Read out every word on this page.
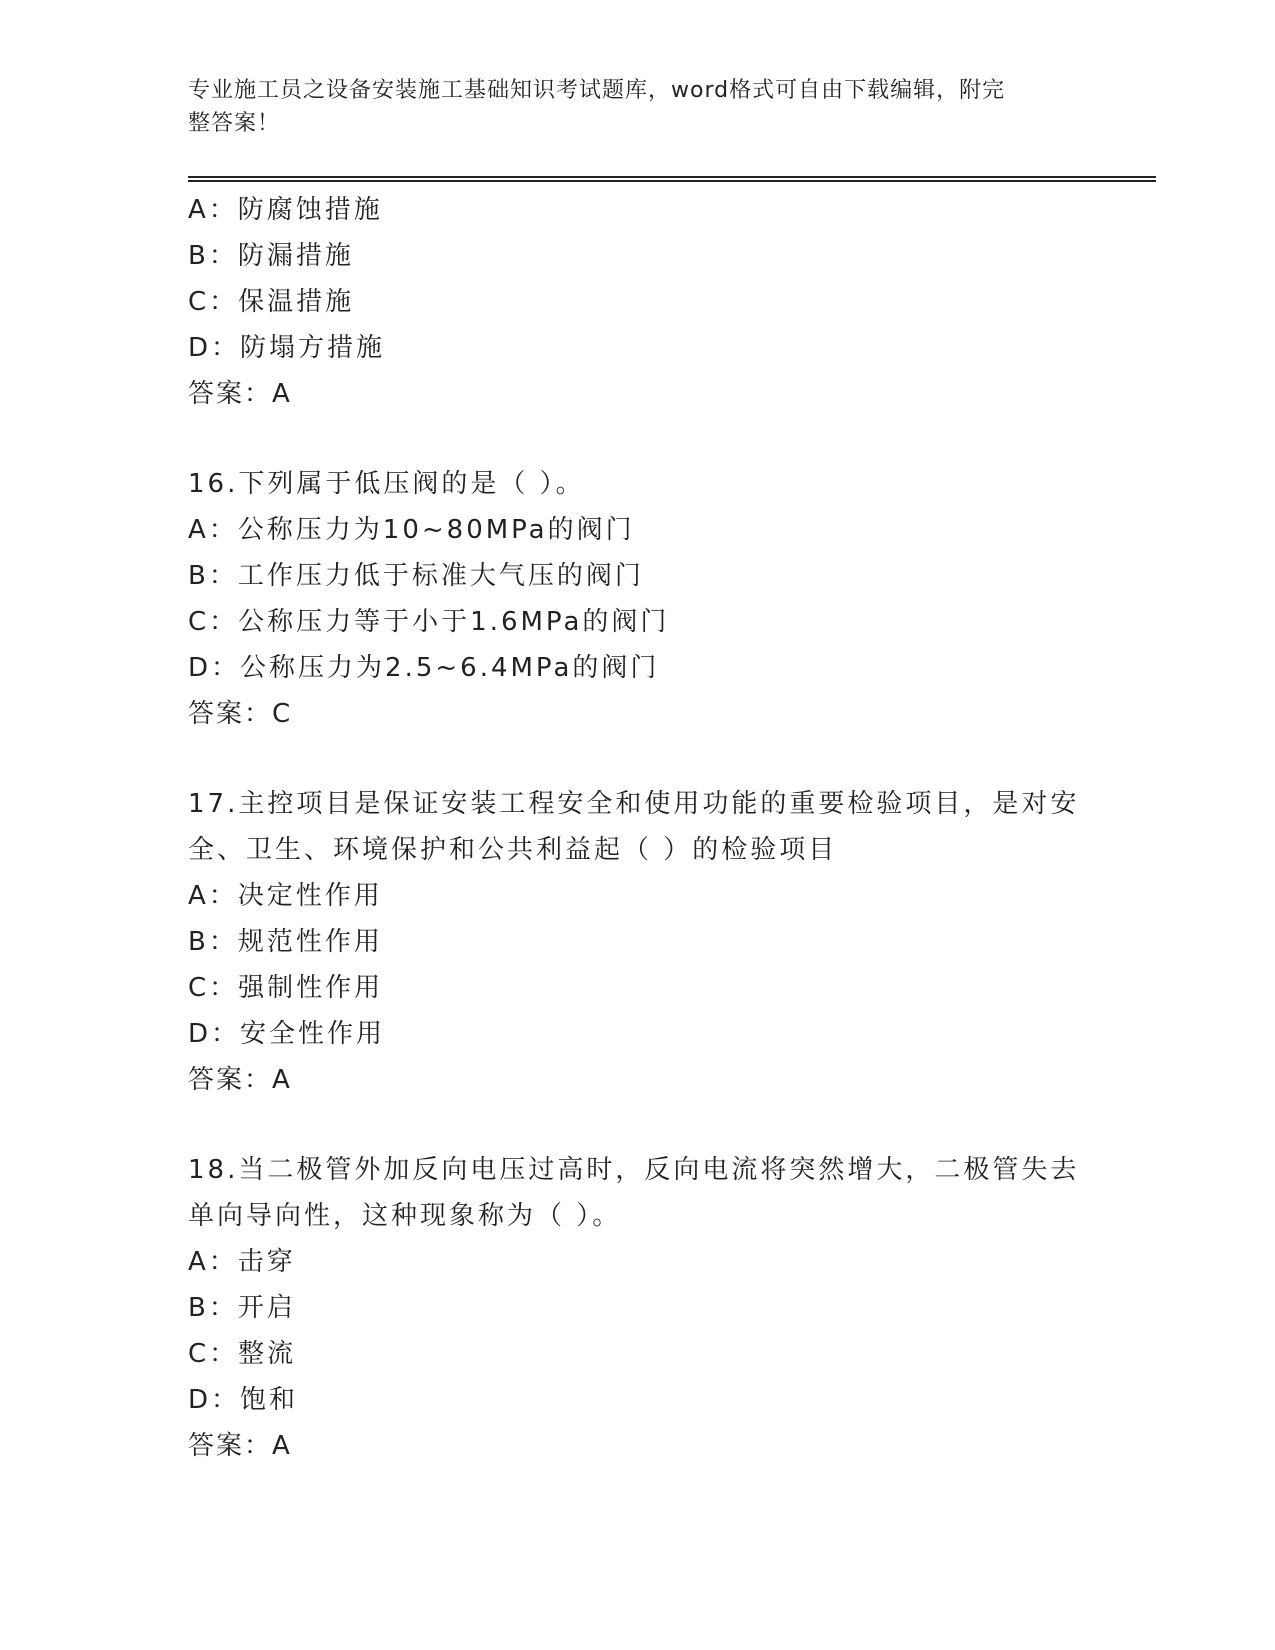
专业施工员之设备安装施工基础知识考试题库，word格式可自由下载编辑，附完
整答案！
A：防腐蚀措施
B：防漏措施
C：保温措施
D：防塌方措施
答案：A
16.下列属于低压阀的是（ ）。
A：公称压力为10~80MPa的阀门
B：工作压力低于标准大气压的阀门
C：公称压力等于小于1.6MPa的阀门
D：公称压力为2.5~6.4MPa的阀门
答案：C
17.主控项目是保证安装工程安全和使用功能的重要检验项目，是对安
全、卫生、环境保护和公共利益起（ ）的检验项目
A：决定性作用
B：规范性作用
C：强制性作用
D：安全性作用
答案：A
18.当二极管外加反向电压过高时，反向电流将突然增大，二极管失去
单向导向性，这种现象称为（ ）。
A：击穿
B：开启
C：整流
D：饱和
答案：A
